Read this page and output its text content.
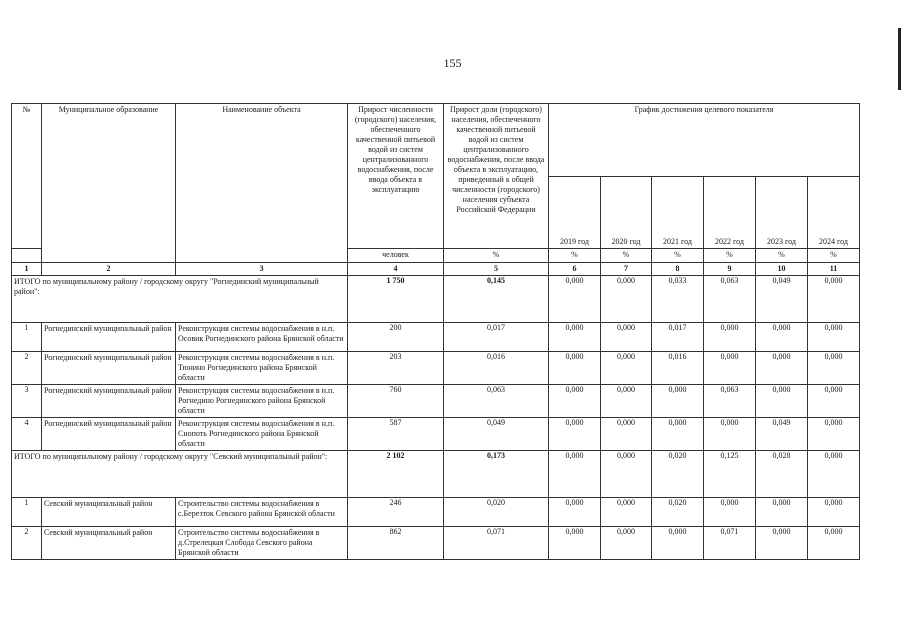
155
№	Муниципальное образование	Наименование объекта	Прирост численности (городского) населения, обеспеченного качественной питьевой водой из систем централизованного водоснабжения, после ввода объекта в эксплуатацию	Прирост доли (городского) населения, обеспеченного качественной питьевой водой из систем централизованного водоснабжения, после ввода объекта в эксплуатацию, приведенный к общей численности (городского) населения субъекта Российской Федерации	График достижения целевого показателя					
					2019 год	2020 год	2021 год	2022 год	2023 год	2024 год
			человек	%	%	%	%	%	%	%
1	2	3	4	5	6	7	8	9	10	11
ИТОГО по муниципальному району / городскому округу "Рогнединский муниципальный район":			1 750	0,145	0,000	0,000	0,033	0,063	0,049	0,000
1	Рогнединский муниципальный район	Реконструкция системы водоснабжения в н.п. Осовик Рогнединского района Брянской области	200	0,017	0,000	0,000	0,017	0,000	0,000	0,000
2	Рогнединский муниципальный район	Реконструкция системы водоснабжения в н.п. Тюнино Рогнединского района Брянской области	203	0,016	0,000	0,000	0,016	0,000	0,000	0,000
3	Рогнединский муниципальный район	Реконструкция системы водоснабжения в н.п. Рогнедино Рогнединского района Брянской области	760	0,063	0,000	0,000	0,000	0,063	0,000	0,000
4	Рогнединский муниципальный район	Реконструкция системы водоснабжения в н.п. Снопоть Рогнединского района Брянской области	587	0,049	0,000	0,000	0,000	0,000	0,049	0,000
ИТОГО по муниципальному району / городскому округу "Севский муниципальный район":			2 102	0,173	0,000	0,000	0,020	0,125	0,028	0,000
1	Севский муниципальный район	Строительство системы водоснабжения в с.Березток Севского района Брянской области	246	0,020	0,000	0,000	0,020	0,000	0,000	0,000
2	Севский муниципальный район	Строительство системы водоснабжения в д.Стрелецкая Слобода Севского района Брянской области	862	0,071	0,000	0,000	0,000	0,071	0,000	0,000
